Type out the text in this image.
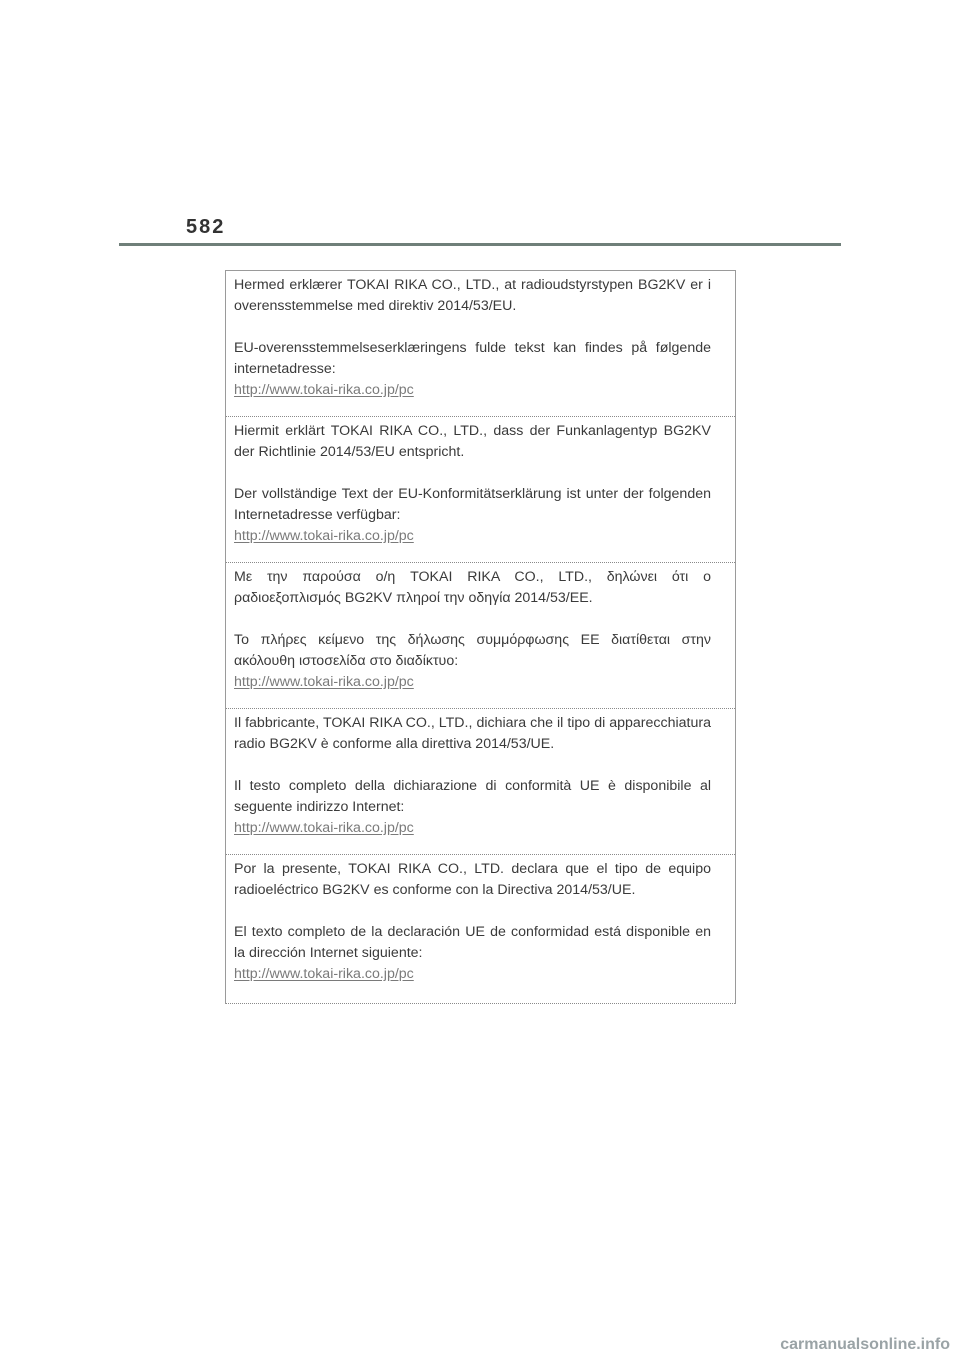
582

Hermed erklærer TOKAI RIKA CO., LTD., at radioudstyrstypen BG2KV er i overensstemmelse med direktiv 2014/53/EU.

EU-overensstemmelseserklæringens fulde tekst kan findes på følgende internetadresse:

http://www.tokai-rika.co.jp/pc

Hiermit erklärt TOKAI RIKA CO., LTD., dass der Funkanlagentyp BG2KV der Richtlinie 2014/53/EU entspricht.

Der vollständige Text der EU-Konformitätserklärung ist unter der folgenden Internetadresse verfügbar:

http://www.tokai-rika.co.jp/pc

Με την παρούσα ο/η TOKAI RIKA CO., LTD., δηλώνει ότι ο ραδιοεξοπλισμός BG2KV πληροί την οδηγία 2014/53/ΕΕ.

Το πλήρες κείμενο της δήλωσης συμμόρφωσης ΕΕ διατίθεται στην ακόλουθη ιστοσελίδα στο διαδίκτυο:

http://www.tokai-rika.co.jp/pc

Il fabbricante, TOKAI RIKA CO., LTD., dichiara che il tipo di apparecchiatura radio BG2KV è conforme alla direttiva 2014/53/UE.

Il testo completo della dichiarazione di conformità UE è disponibile al seguente indirizzo Internet:

http://www.tokai-rika.co.jp/pc

Por la presente, TOKAI RIKA CO., LTD. declara que el tipo de equipo radioeléctrico BG2KV es conforme con la Directiva 2014/53/UE.

El texto completo de la declaración UE de conformidad está disponible en la dirección Internet siguiente:

http://www.tokai-rika.co.jp/pc
carmanualsonline.info
